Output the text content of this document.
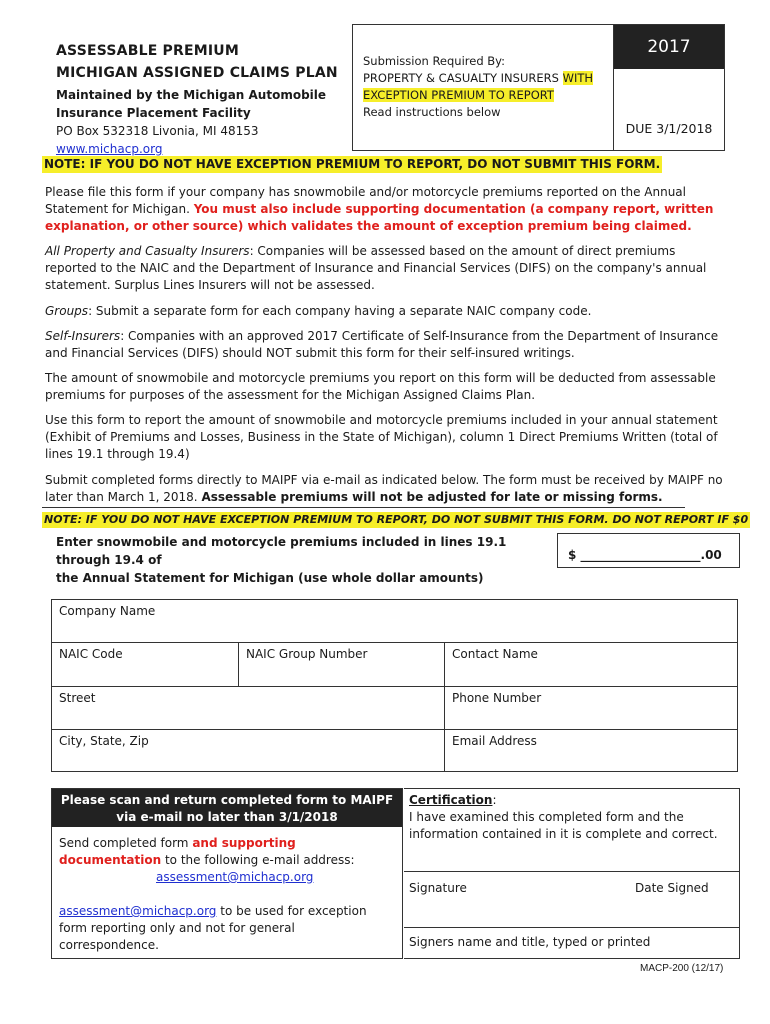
ASSESSABLE PREMIUM
MICHIGAN ASSIGNED CLAIMS PLAN
Maintained by the Michigan Automobile
Insurance Placement Facility
PO Box 532318 Livonia, MI 48153
www.michacp.org
Submission Required By:
PROPERTY & CASUALTY INSURERS WITH
EXCEPTION PREMIUM TO REPORT
Read instructions below
2017
DUE 3/1/2018
NOTE: IF YOU DO NOT HAVE EXCEPTION PREMIUM TO REPORT, DO NOT SUBMIT THIS FORM.
Please file this form if your company has snowmobile and/or motorcycle premiums reported on the Annual Statement for Michigan. You must also include supporting documentation (a company report, written explanation, or other source) which validates the amount of exception premium being claimed.
All Property and Casualty Insurers: Companies will be assessed based on the amount of direct premiums reported to the NAIC and the Department of Insurance and Financial Services (DIFS) on the company's annual statement. Surplus Lines Insurers will not be assessed.
Groups: Submit a separate form for each company having a separate NAIC company code.
Self-Insurers: Companies with an approved 2017 Certificate of Self-Insurance from the Department of Insurance and Financial Services (DIFS) should NOT submit this form for their self-insured writings.
The amount of snowmobile and motorcycle premiums you report on this form will be deducted from assessable premiums for purposes of the assessment for the Michigan Assigned Claims Plan.
Use this form to report the amount of snowmobile and motorcycle premiums included in your annual statement (Exhibit of Premiums and Losses, Business in the State of Michigan), column 1 Direct Premiums Written (total of lines 19.1 through 19.4)
Submit completed forms directly to MAIPF via e-mail as indicated below. The form must be received by MAIPF no later than March 1, 2018. Assessable premiums will not be adjusted for late or missing forms.
NOTE: IF YOU DO NOT HAVE EXCEPTION PREMIUM TO REPORT, DO NOT SUBMIT THIS FORM. DO NOT REPORT IF $0
Enter snowmobile and motorcycle premiums included in lines 19.1 through 19.4 of
the Annual Statement for Michigan (use whole dollar amounts)
$ ____________________.00
Company Name
NAIC Code	NAIC Group Number	Contact Name
Street	Phone Number
City, State, Zip	Email Address
Please scan and return completed form to MAIPF
via e-mail no later than 3/1/2018
Send completed form and supporting documentation to the following e-mail address:
assessment@michacp.org
assessment@michacp.org to be used for exception form reporting only and not for general correspondence.
Certification:
I have examined this completed form and the information contained in it is complete and correct.
Signature	Date Signed
Signers name and title, typed or printed
MACP-200 (12/17)
